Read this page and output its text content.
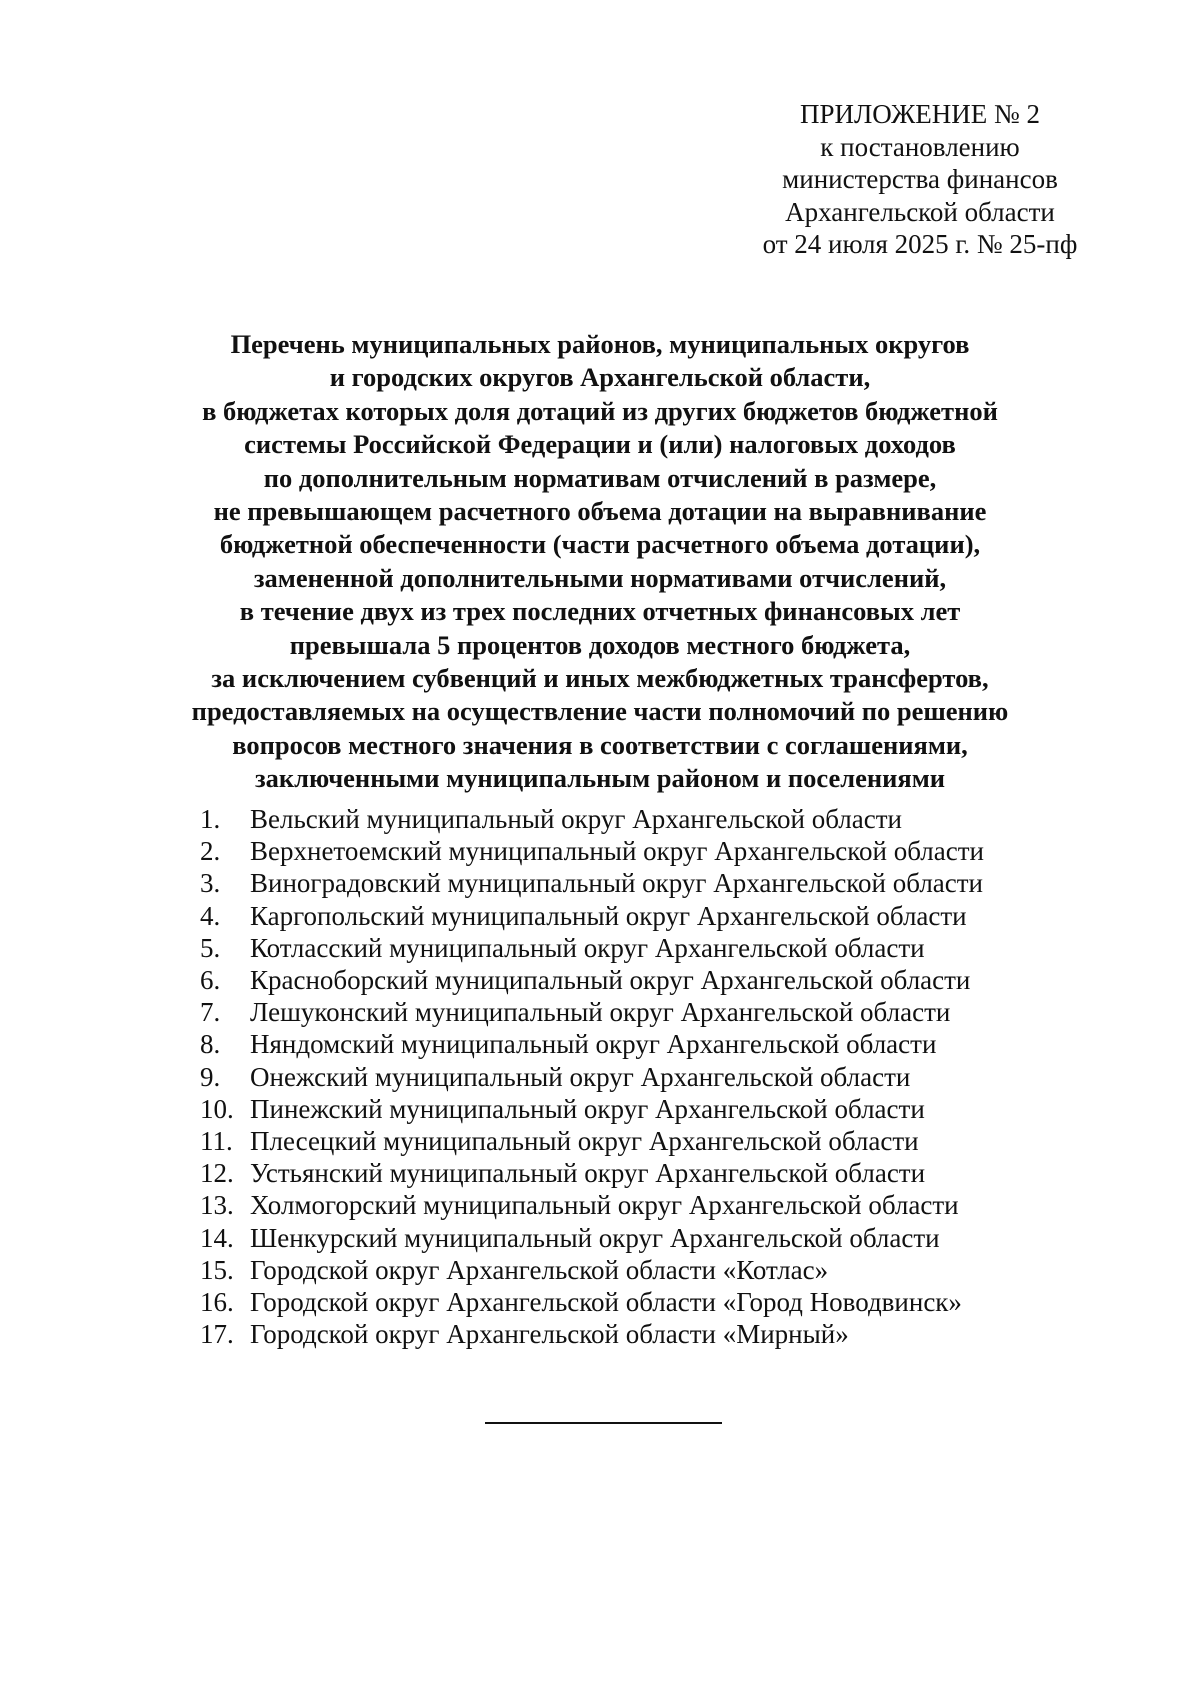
ПРИЛОЖЕНИЕ № 2
к постановлению
министерства финансов
Архангельской области
от 24 июля 2025 г. № 25-пф
Перечень муниципальных районов, муниципальных округов
и городских округов Архангельской области,
в бюджетах которых доля дотаций из других бюджетов бюджетной
системы Российской Федерации и (или) налоговых доходов
по дополнительным нормативам отчислений в размере,
не превышающем расчетного объема дотации на выравнивание
бюджетной обеспеченности (части расчетного объема дотации),
замененной дополнительными нормативами отчислений,
в течение двух из трех последних отчетных финансовых лет
превышала 5 процентов доходов местного бюджета,
за исключением субвенций и иных межбюджетных трансфертов,
предоставляемых на осуществление части полномочий по решению
вопросов местного значения в соответствии с соглашениями,
заключенными муниципальным районом и поселениями
1.	Вельский муниципальный округ Архангельской области
2.	Верхнетоемский муниципальный округ Архангельской области
3.	Виноградовский муниципальный округ Архангельской области
4.	Каргопольский муниципальный округ Архангельской области
5.	Котласский муниципальный округ Архангельской области
6.	Красноборский муниципальный округ Архангельской области
7.	Лешуконский муниципальный округ Архангельской области
8.	Няндомский муниципальный округ Архангельской области
9.	Онежский муниципальный округ Архангельской области
10. Пинежский муниципальный округ Архангельской области
11. Плесецкий муниципальный округ Архангельской области
12. Устьянский муниципальный округ Архангельской области
13. Холмогорский муниципальный округ Архангельской области
14. Шенкурский муниципальный округ Архангельской области
15. Городской округ Архангельской области «Котлас»
16. Городской округ Архангельской области «Город Новодвинск»
17. Городской округ Архангельской области «Мирный»
